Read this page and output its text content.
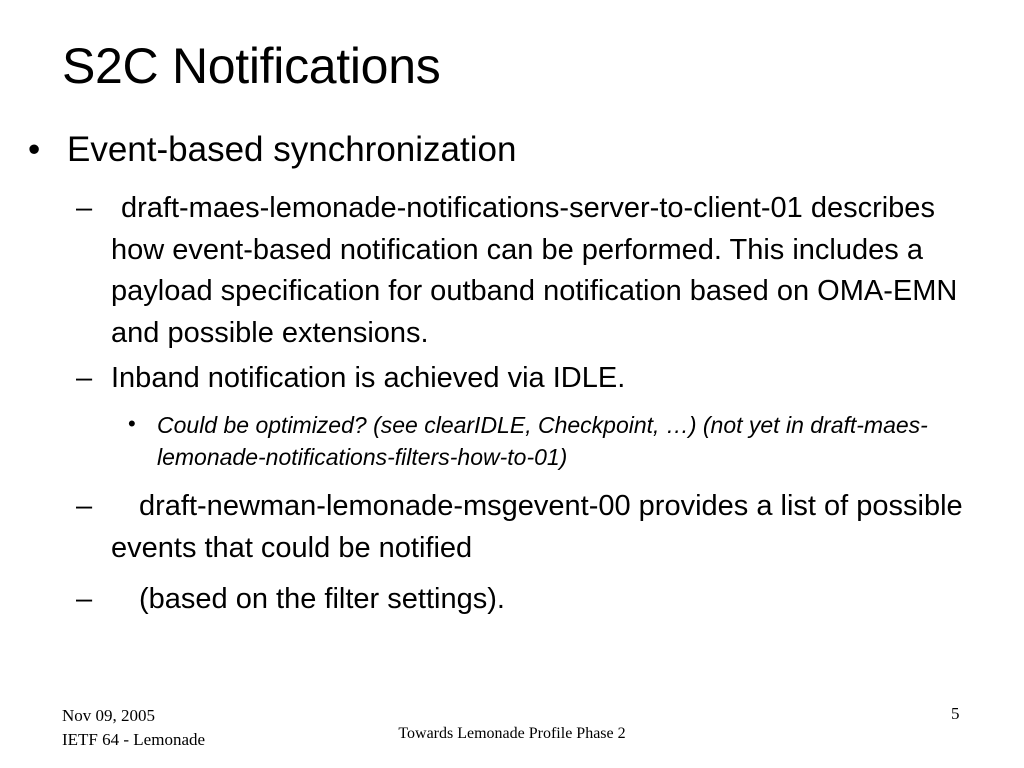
S2C Notifications
• Event-based synchronization
– draft-maes-lemonade-notifications-server-to-client-01 describes how event-based notification can be performed. This includes a payload specification for outband notification based on OMA-EMN and possible extensions.
– Inband notification is achieved via IDLE.
• Could be optimized? (see clearIDLE, Checkpoint, …) (not yet in draft-maes-lemonade-notifications-filters-how-to-01)
–	draft-newman-lemonade-msgevent-00 provides a list of possible events that could be notified
–	(based on the filter settings).
Nov 09, 2005
IETF 64 - Lemonade	Towards Lemonade Profile Phase 2
5
